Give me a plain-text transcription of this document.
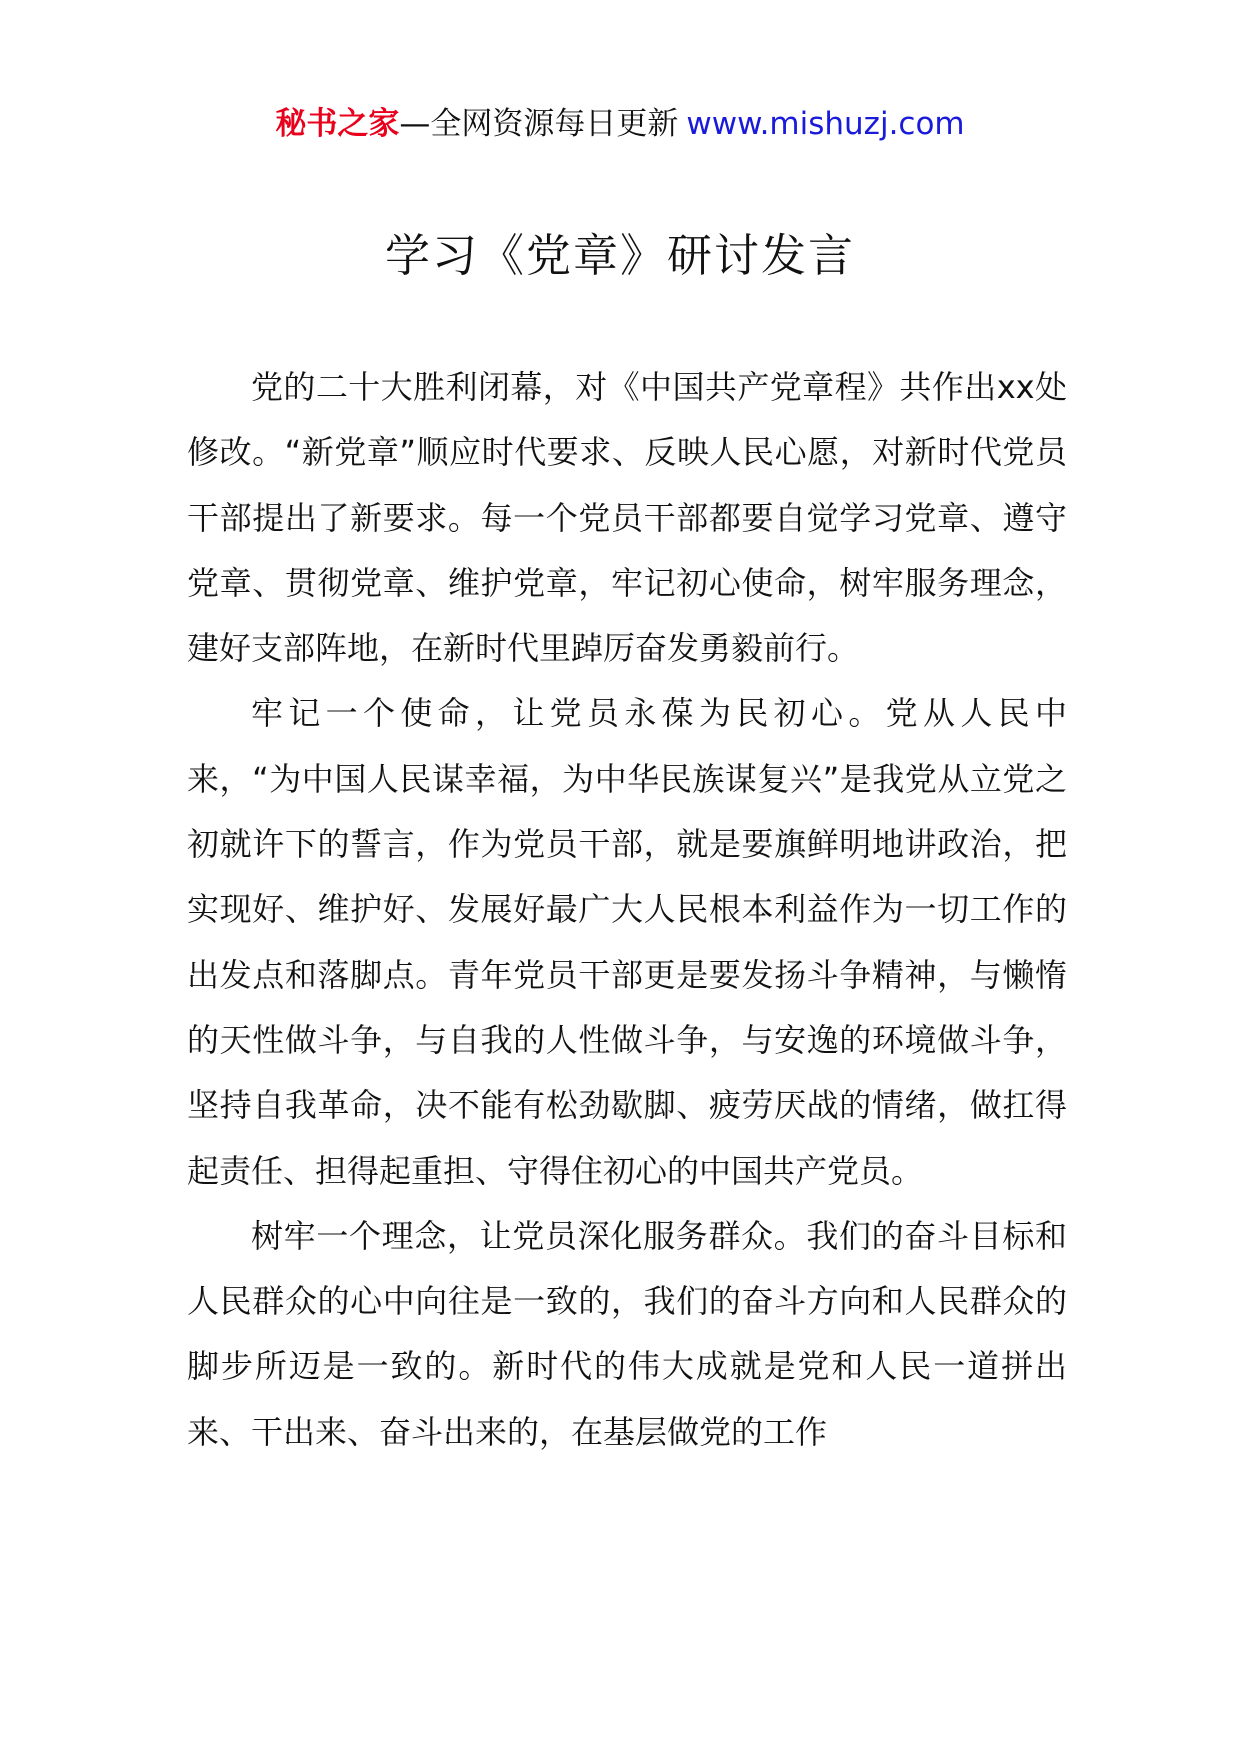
秘书之家—全网资源每日更新 www.mishuzj.com
学习《党章》研讨发言

党的二十大胜利闭幕，对《中国共产党章程》共作出xx处修改。“新党章”顺应时代要求、反映人民心愿，对新时代党员干部提出了新要求。每一个党员干部都要自觉学习党章、遵守党章、贯彻党章、维护党章，牢记初心使命，树牢服务理念，建好支部阵地，在新时代里踔厉奋发勇毅前行。

牢记一个使命，让党员永葆为民初心。党从人民中来，“为中国人民谋幸福，为中华民族谋复兴”是我党从立党之初就许下的誓言，作为党员干部，就是要旗鲜明地讲政治，把实现好、维护好、发展好最广大人民根本利益作为一切工作的出发点和落脚点。青年党员干部更是要发扬斗争精神，与懒惰的天性做斗争，与自我的人性做斗争，与安逸的环境做斗争，坚持自我革命，决不能有松劲歇脚、疲劳厌战的情绪，做扛得起责任、担得起重担、守得住初心的中国共产党员。

树牢一个理念，让党员深化服务群众。我们的奋斗目标和人民群众的心中向往是一致的，我们的奋斗方向和人民群众的脚步所迈是一致的。新时代的伟大成就是党和人民一道拼出来、干出来、奋斗出来的，在基层做党的工作
